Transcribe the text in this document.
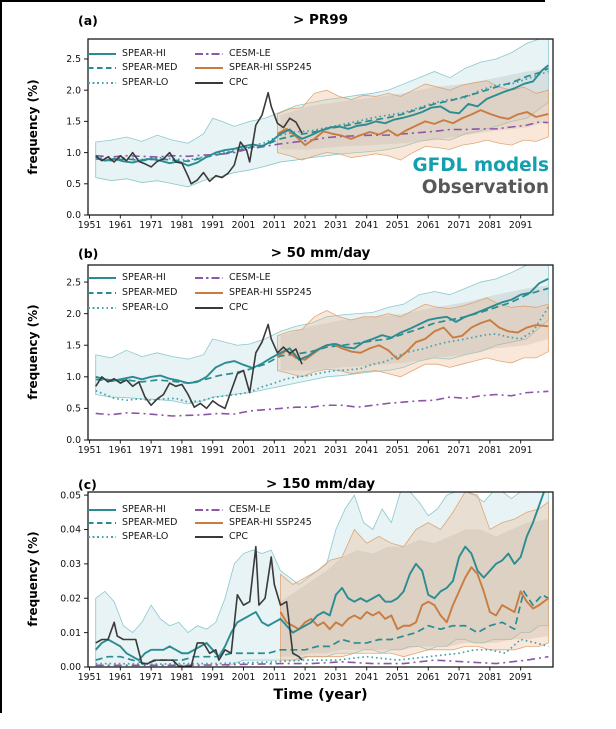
1951 1961 1971 1981 1991 2001 2011 2021 2031 2041 2051 2061 2071 2081 2091
0.0
0.5
1.0
1.5
2.0
2.5
1951 1961 1971 1981 1991 2001 2011 2021 2031 2041 2051 2061 2071 2081 2091
0.0
0.5
1.0
1.5
2.0
2.5
1951 1961 1971 1981 1991 2001 2011 2021 2031 2041 2051 2061 2071 2081 2091
0.00
0.01
0.02
0.03
0.04
0.05
(a)	> PR99
frequency (%)
(b)	> 50 mm/day
frequency (%)
(c)	> 150 mm/day
frequency (%)
GFDL models
Observation
Time (year)
SPEAR-HI
SPEAR-MED
SPEAR-LO
CESM-LE
SPEAR-HI SSP245
CPC
SPEAR-HI
SPEAR-MED
SPEAR-LO
CESM-LE
SPEAR-HI SSP245
CPC
SPEAR-HI
SPEAR-MED
SPEAR-LO
CESM-LE
SPEAR-HI SSP245
CPC
